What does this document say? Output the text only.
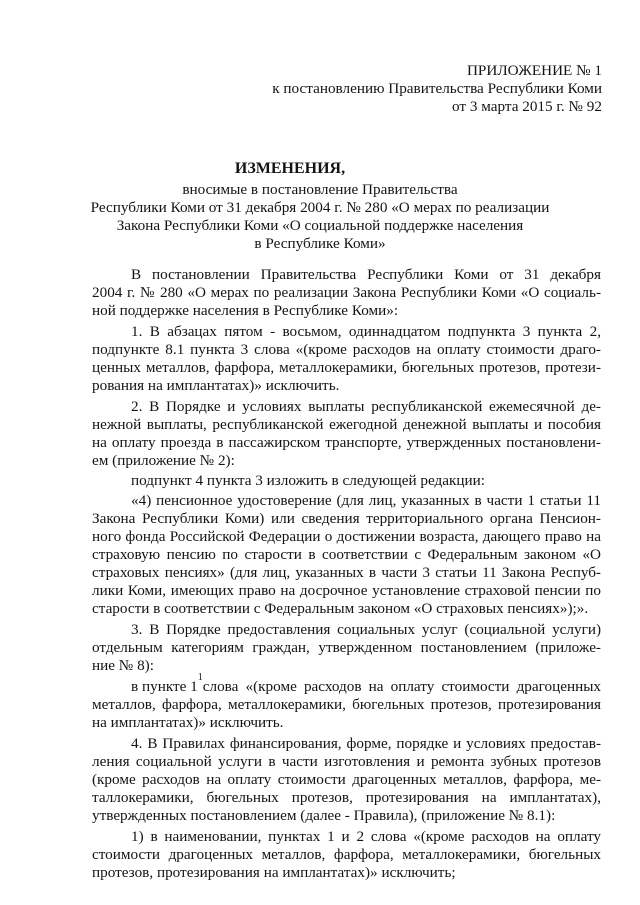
ПРИЛОЖЕНИЕ № 1
к постановлению Правительства Республики Коми
от 3 марта 2015 г. № 92
ИЗМЕНЕНИЯ,
вносимые в постановление Правительства
Республики Коми от 31 декабря 2004 г. № 280 «О мерах по реализации
Закона Республики Коми «О социальной поддержке населения
в Республике Коми»
В постановлении Правительства Республики Коми от 31 декабря
2004 г. № 280 «О мерах по реализации Закона Республики Коми «О социаль-
ной поддержке населения в Республике Коми»:
1. В абзацах пятом - восьмом, одиннадцатом подпункта 3 пункта 2,
подпункте 8.1 пункта 3 слова «(кроме расходов на оплату стоимости драго-
ценных металлов, фарфора, металлокерамики, бюгельных протезов, протези-
рования на имплантатах)» исключить.
2. В Порядке и условиях выплаты республиканской ежемесячной де-
нежной выплаты, республиканской ежегодной денежной выплаты и пособия
на оплату проезда в пассажирском транспорте, утвержденных постановлени-
ем (приложение № 2):
подпункт 4 пункта 3 изложить в следующей редакции:
«4) пенсионное удостоверение (для лиц, указанных в части 1 статьи 11
Закона Республики Коми) или сведения территориального органа Пенсион-
ного фонда Российской Федерации о достижении возраста, дающего право на
страховую пенсию по старости в соответствии с Федеральным законом «О
страховых пенсиях» (для лиц, указанных в части 3 статьи 11 Закона Респуб-
лики Коми, имеющих право на досрочное установление страховой пенсии по
старости в соответствии с Федеральным законом «О страховых пенсиях»);».
3. В Порядке предоставления социальных услуг (социальной услуги)
отдельным категориям граждан, утвержденном постановлением (приложе-
ние № 8):
в пункте 1
1
слова «(кроме расходов на оплату стоимости драгоценных
металлов, фарфора, металлокерамики, бюгельных протезов, протезирования
на имплантатах)» исключить.
4. В Правилах финансирования, форме, порядке и условиях предостав-
ления социальной услуги в части изготовления и ремонта зубных протезов
(кроме расходов на оплату стоимости драгоценных металлов, фарфора, ме-
таллокерамики, бюгельных протезов, протезирования на имплантатах),
утвержденных постановлением (далее - Правила), (приложение № 8.1):
1) в наименовании, пунктах 1 и 2 слова «(кроме расходов на оплату
стоимости драгоценных металлов, фарфора, металлокерамики, бюгельных
протезов, протезирования на имплантатах)» исключить;
